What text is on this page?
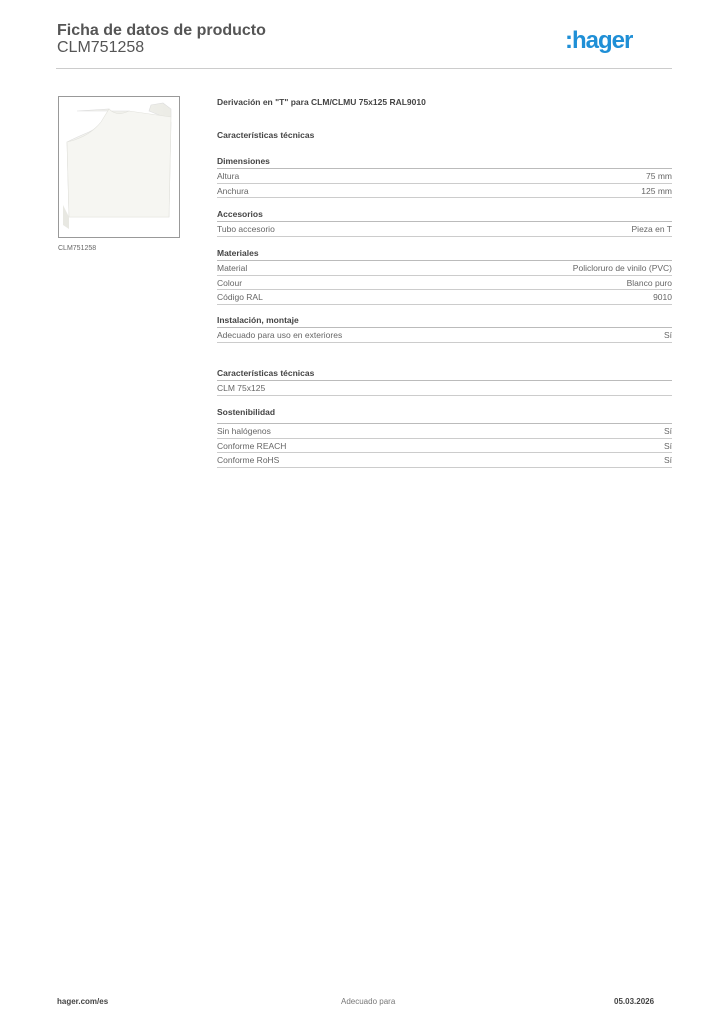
Ficha de datos de producto
CLM751258	:hager
CLM751258
Derivación en "T" para CLM/CLMU 75x125 RAL9010
Características técnicas
Dimensiones
Altura	75 mm
Anchura	125 mm
Accesorios
Tubo accesorio	Pieza en T
Materiales
Material	Policloruro de vinilo (PVC)
Colour	Blanco puro
Código RAL	9010
Instalación, montaje
Adecuado para uso en exteriores	Sí
Características técnicas
CLM 75x125
Sostenibilidad
Sin halógenos	Sí
Conforme REACH	Sí
Conforme RoHS	Sí
hager.com/es	Adecuado para	05.03.2026
